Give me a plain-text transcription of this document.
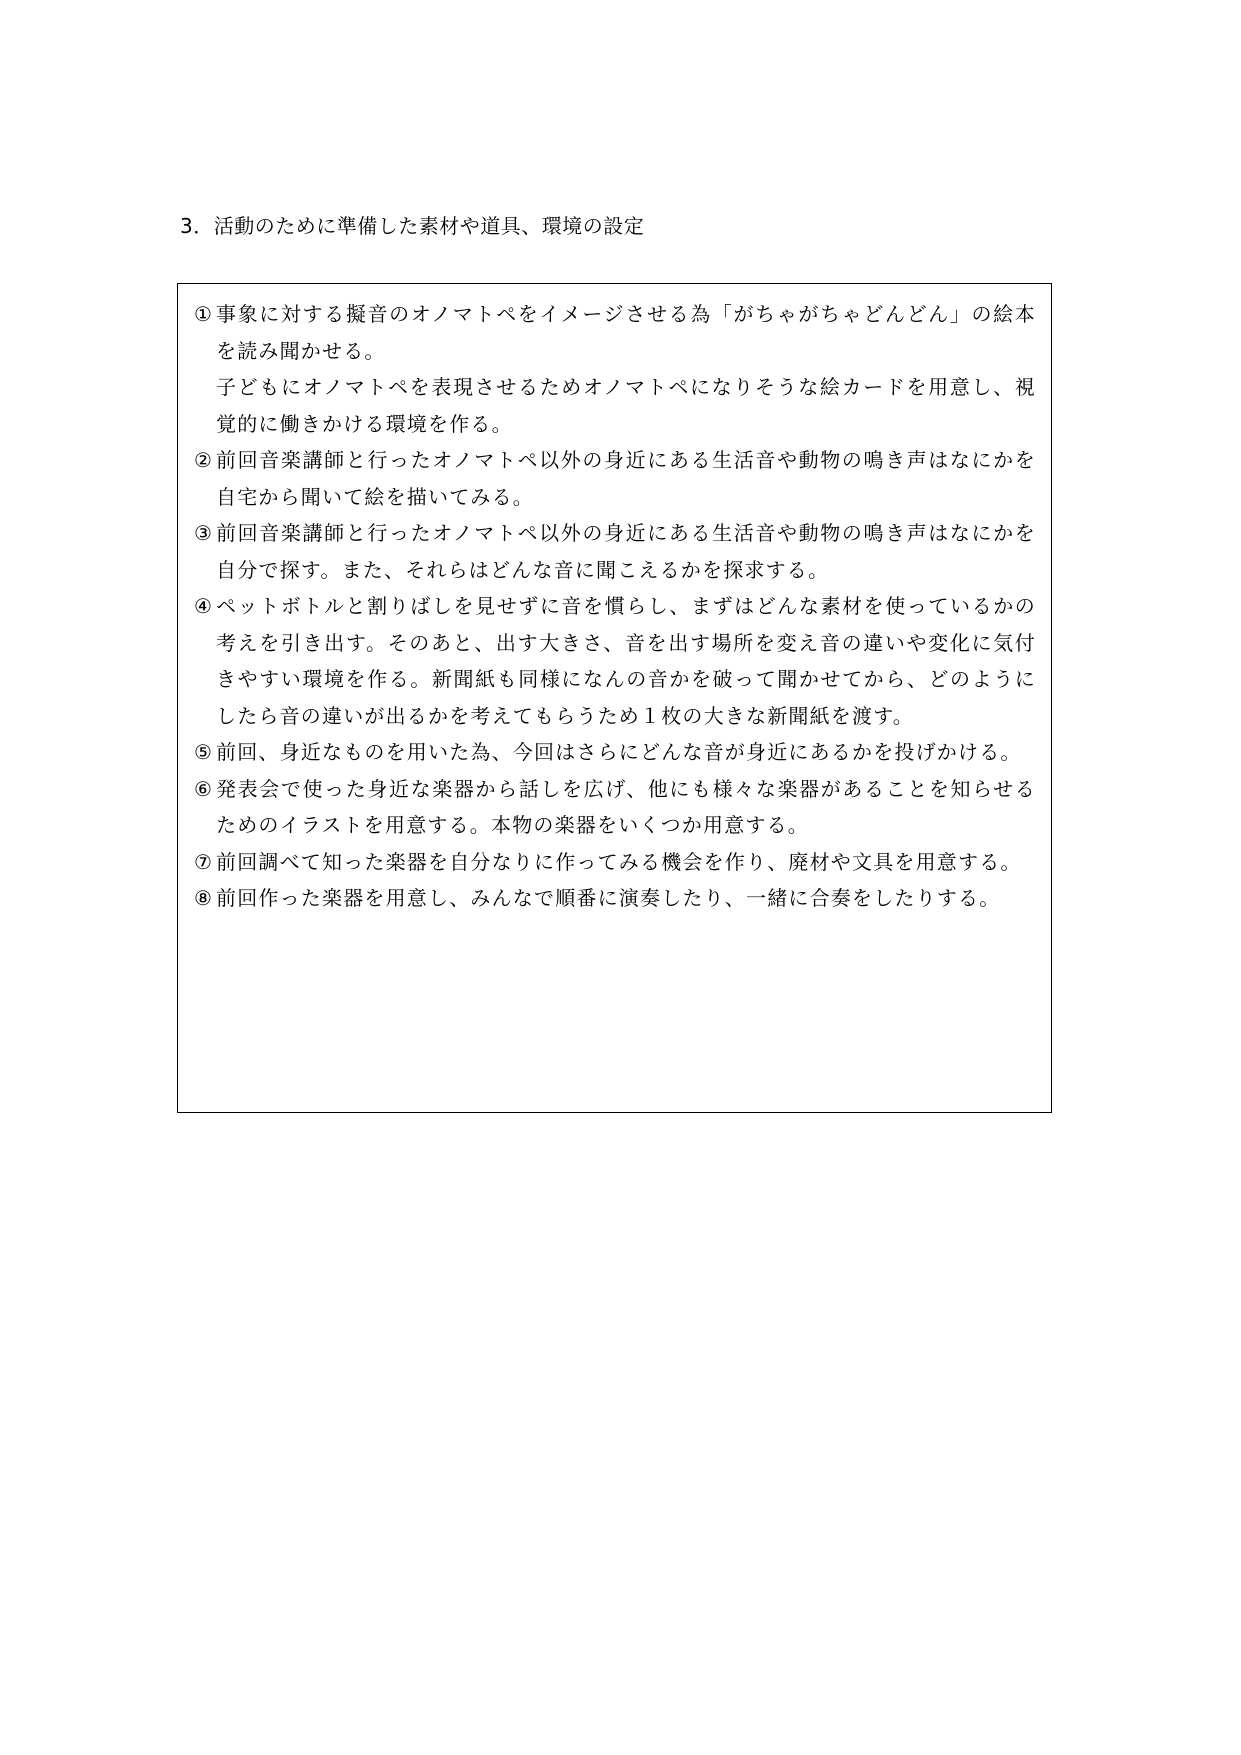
3．活動のために準備した素材や道具、環境の設定
① 事象に対する擬音のオノマトペをイメージさせる為「がちゃがちゃどんどん」の絵本を読み聞かせる。
子どもにオノマトペを表現させるためオノマトペになりそうな絵カードを用意し、視覚的に働きかける環境を作る。
② 前回音楽講師と行ったオノマトペ以外の身近にある生活音や動物の鳴き声はなにかを自宅から聞いて絵を描いてみる。
③ 前回音楽講師と行ったオノマトペ以外の身近にある生活音や動物の鳴き声はなにかを自分で探す。また、それらはどんな音に聞こえるかを探求する。
④ ペットボトルと割りばしを見せずに音を慣らし、まずはどんな素材を使っているかの考えを引き出す。そのあと、出す大きさ、音を出す場所を変え音の違いや変化に気付きやすい環境を作る。新聞紙も同様になんの音かを破って聞かせてから、どのようにしたら音の違いが出るかを考えてもらうため１枚の大きな新聞紙を渡す。
⑤ 前回、身近なものを用いた為、今回はさらにどんな音が身近にあるかを投げかける。
⑥ 発表会で使った身近な楽器から話しを広げ、他にも様々な楽器があることを知らせるためのイラストを用意する。本物の楽器をいくつか用意する。
⑦ 前回調べて知った楽器を自分なりに作ってみる機会を作り、廃材や文具を用意する。
⑧ 前回作った楽器を用意し、みんなで順番に演奏したり、一緒に合奏をしたりする。
